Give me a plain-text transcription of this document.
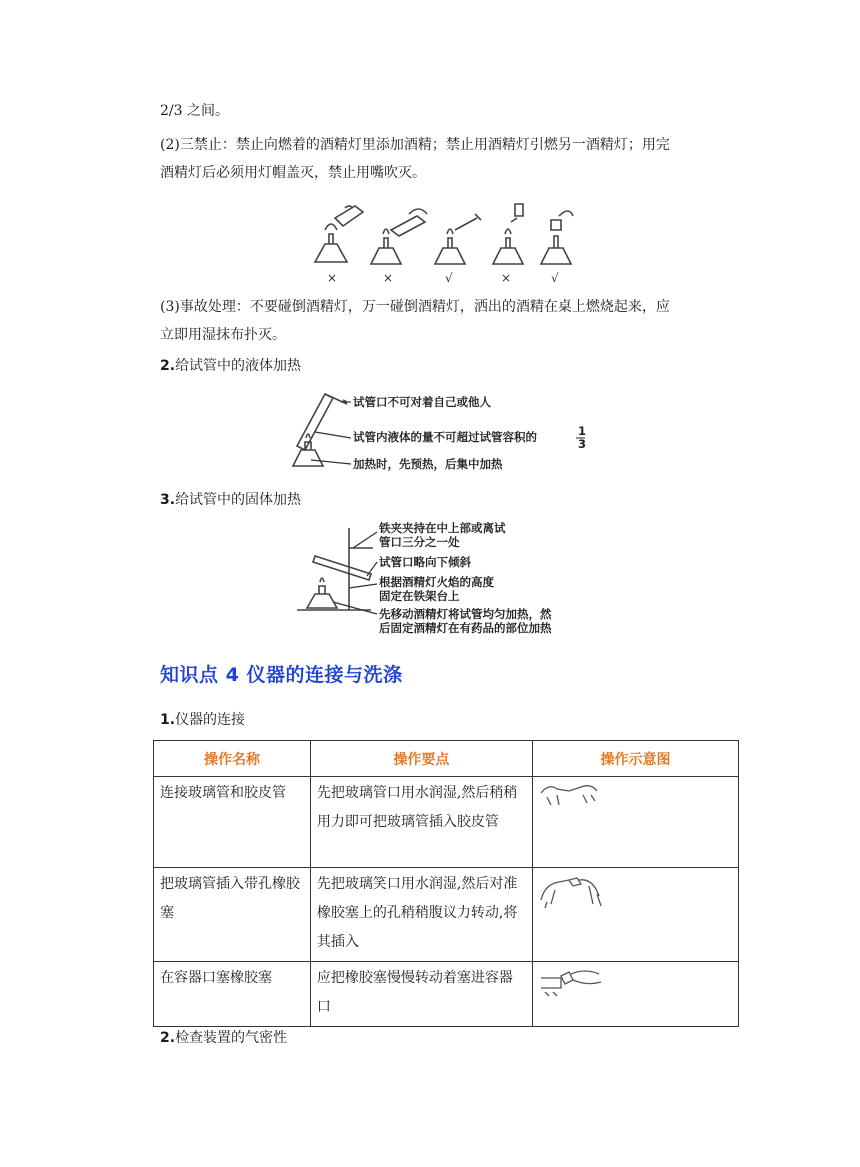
2/3 之间。

(2)三禁止：禁止向燃着的酒精灯里添加酒精；禁止用酒精灯引燃另一酒精灯；用完

酒精灯后必须用灯帽盖灭，禁止用嘴吹灭。

×	×	√	×	√

(3)事故处理：不要碰倒酒精灯，万一碰倒酒精灯，洒出的酒精在桌上燃烧起来，应

立即用湿抹布扑灭。

2.给试管中的液体加热

试管口不可对着自己或他人
试管内液体的量不可超过试管容积的	1
3
加热时，先预热，后集中加热

3.给试管中的固体加热

铁夹夹持在中上部或离试
管口三分之一处
试管口略向下倾斜
根据酒精灯火焰的高度
固定在铁架台上
先移动酒精灯将试管均匀加热，然
后固定酒精灯在有药品的部位加热
知识点 4 仪器的连接与洗涤

1.仪器的连接

操作名称	操作要点	操作示意图
连接玻璃管和胶皮管	先把玻璃管口用水润湿,然后稍稍用力即可把玻璃管插入胶皮管	
把玻璃管插入带孔橡胶塞	先把玻璃笑口用水润湿,然后对准橡胶塞上的孔稍稍腹议力转动,将其插入	
在容器口塞橡胶塞	应把橡胶塞慢慢转动着塞进容器口	

2.检查装置的气密性
